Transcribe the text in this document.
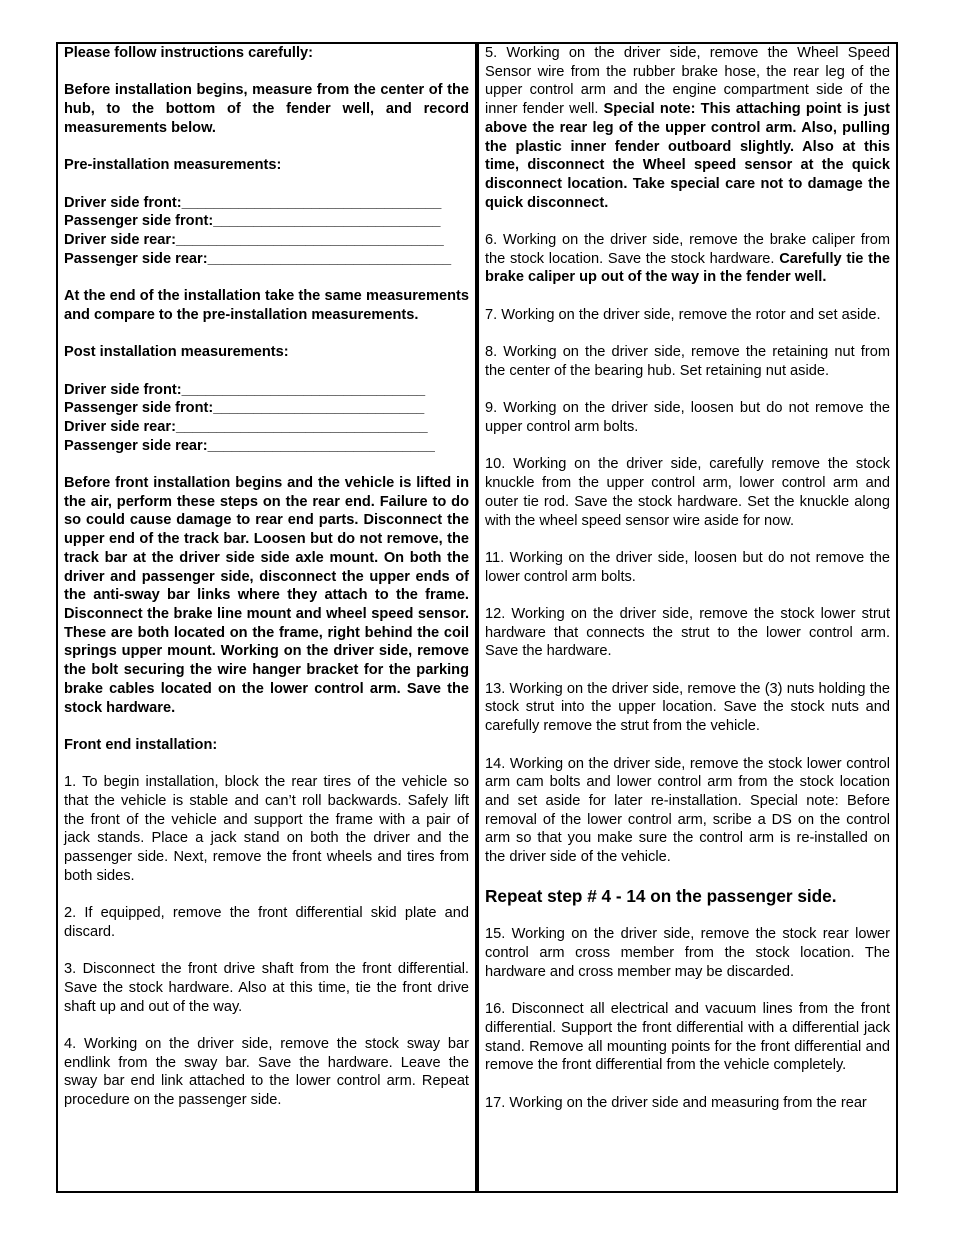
Please follow instructions carefully:

Before installation begins, measure from the center of the hub, to the bottom of the fender well, and record measurements below.

Pre-installation measurements:

Driver side front:________________________________

Passenger side front:____________________________

Driver side rear:_________________________________

Passenger side rear:______________________________

At the end of the installation take the same measurements and compare to the pre-installation measurements.

Post installation measurements:

Driver side front:______________________________

Passenger side front:__________________________

Driver side rear:_______________________________

Passenger side rear:____________________________

Before front installation begins and the vehicle is lifted in the air, perform these steps on the rear end. Failure to do so could cause damage to rear end parts. Disconnect the upper end of the track bar. Loosen but do not remove, the track bar at the driver side side axle mount. On both the driver and passenger side, disconnect the upper ends of the anti-sway bar links where they attach to the frame. Disconnect the brake line mount and wheel speed sensor. These are both located on the frame, right behind the coil springs upper mount. Working on the driver side, remove the bolt securing the wire hanger bracket for the parking brake cables located on the lower control arm. Save the stock hardware.

Front end installation:

1. To begin installation, block the rear tires of the vehicle so that the vehicle is stable and can’t roll backwards. Safely lift the front of the vehicle and support the frame with a pair of jack stands. Place a jack stand on both the driver and the passenger side. Next, remove the front wheels and tires from both sides.

2. If equipped, remove the front differential skid plate and discard.

3. Disconnect the front drive shaft from the front differential. Save the stock hardware. Also at this time, tie the front drive shaft up and out of the way.

4. Working on the driver side, remove the stock sway bar endlink from the sway bar. Save the hardware. Leave the sway bar end link attached to the lower control arm. Repeat procedure on the passenger side.

5. Working on the driver side, remove the Wheel Speed Sensor wire from the rubber brake hose, the rear leg of the upper control arm and the engine compartment side of the inner fender well. Special note: This attaching point is just above the rear leg of the upper control arm. Also, pulling the plastic inner fender outboard slightly. Also at this time, disconnect the Wheel speed sensor at the quick disconnect location. Take special care not to damage the quick disconnect.

6. Working on the driver side, remove the brake caliper from the stock location. Save the stock hardware. Carefully tie the brake caliper up out of the way in the fender well.

7. Working on the driver side, remove the rotor and set aside.

8. Working on the driver side, remove the retaining nut from the center of the bearing hub. Set retaining nut aside.

9. Working on the driver side, loosen but do not remove the upper control arm bolts.

10. Working on the driver side, carefully remove the stock knuckle from the upper control arm, lower control arm and outer tie rod. Save the stock hardware. Set the knuckle along with the wheel speed sensor wire aside for now.

11. Working on the driver side, loosen but do not remove the lower control arm bolts.

12. Working on the driver side, remove the stock lower strut hardware that connects the strut to the lower control arm. Save the hardware.

13. Working on the driver side, remove the (3) nuts holding the stock strut into the upper location. Save the stock nuts and carefully remove the strut from the vehicle.

14. Working on the driver side, remove the stock lower control arm cam bolts and lower control arm from the stock location and set aside for later re-installation. Special note: Before removal of the lower control arm, scribe a DS on the control arm so that you make sure the control arm is re-installed on the driver side of the vehicle.

Repeat step # 4 - 14 on the passenger side.

15. Working on the driver side, remove the stock rear lower control arm cross member from the stock location. The hardware and cross member may be discarded.

16. Disconnect all electrical and vacuum lines from the front differential. Support the front differential with a differential jack stand. Remove all mounting points for the front differential and remove the front differential from the vehicle completely.

17. Working on the driver side and measuring from the rear
